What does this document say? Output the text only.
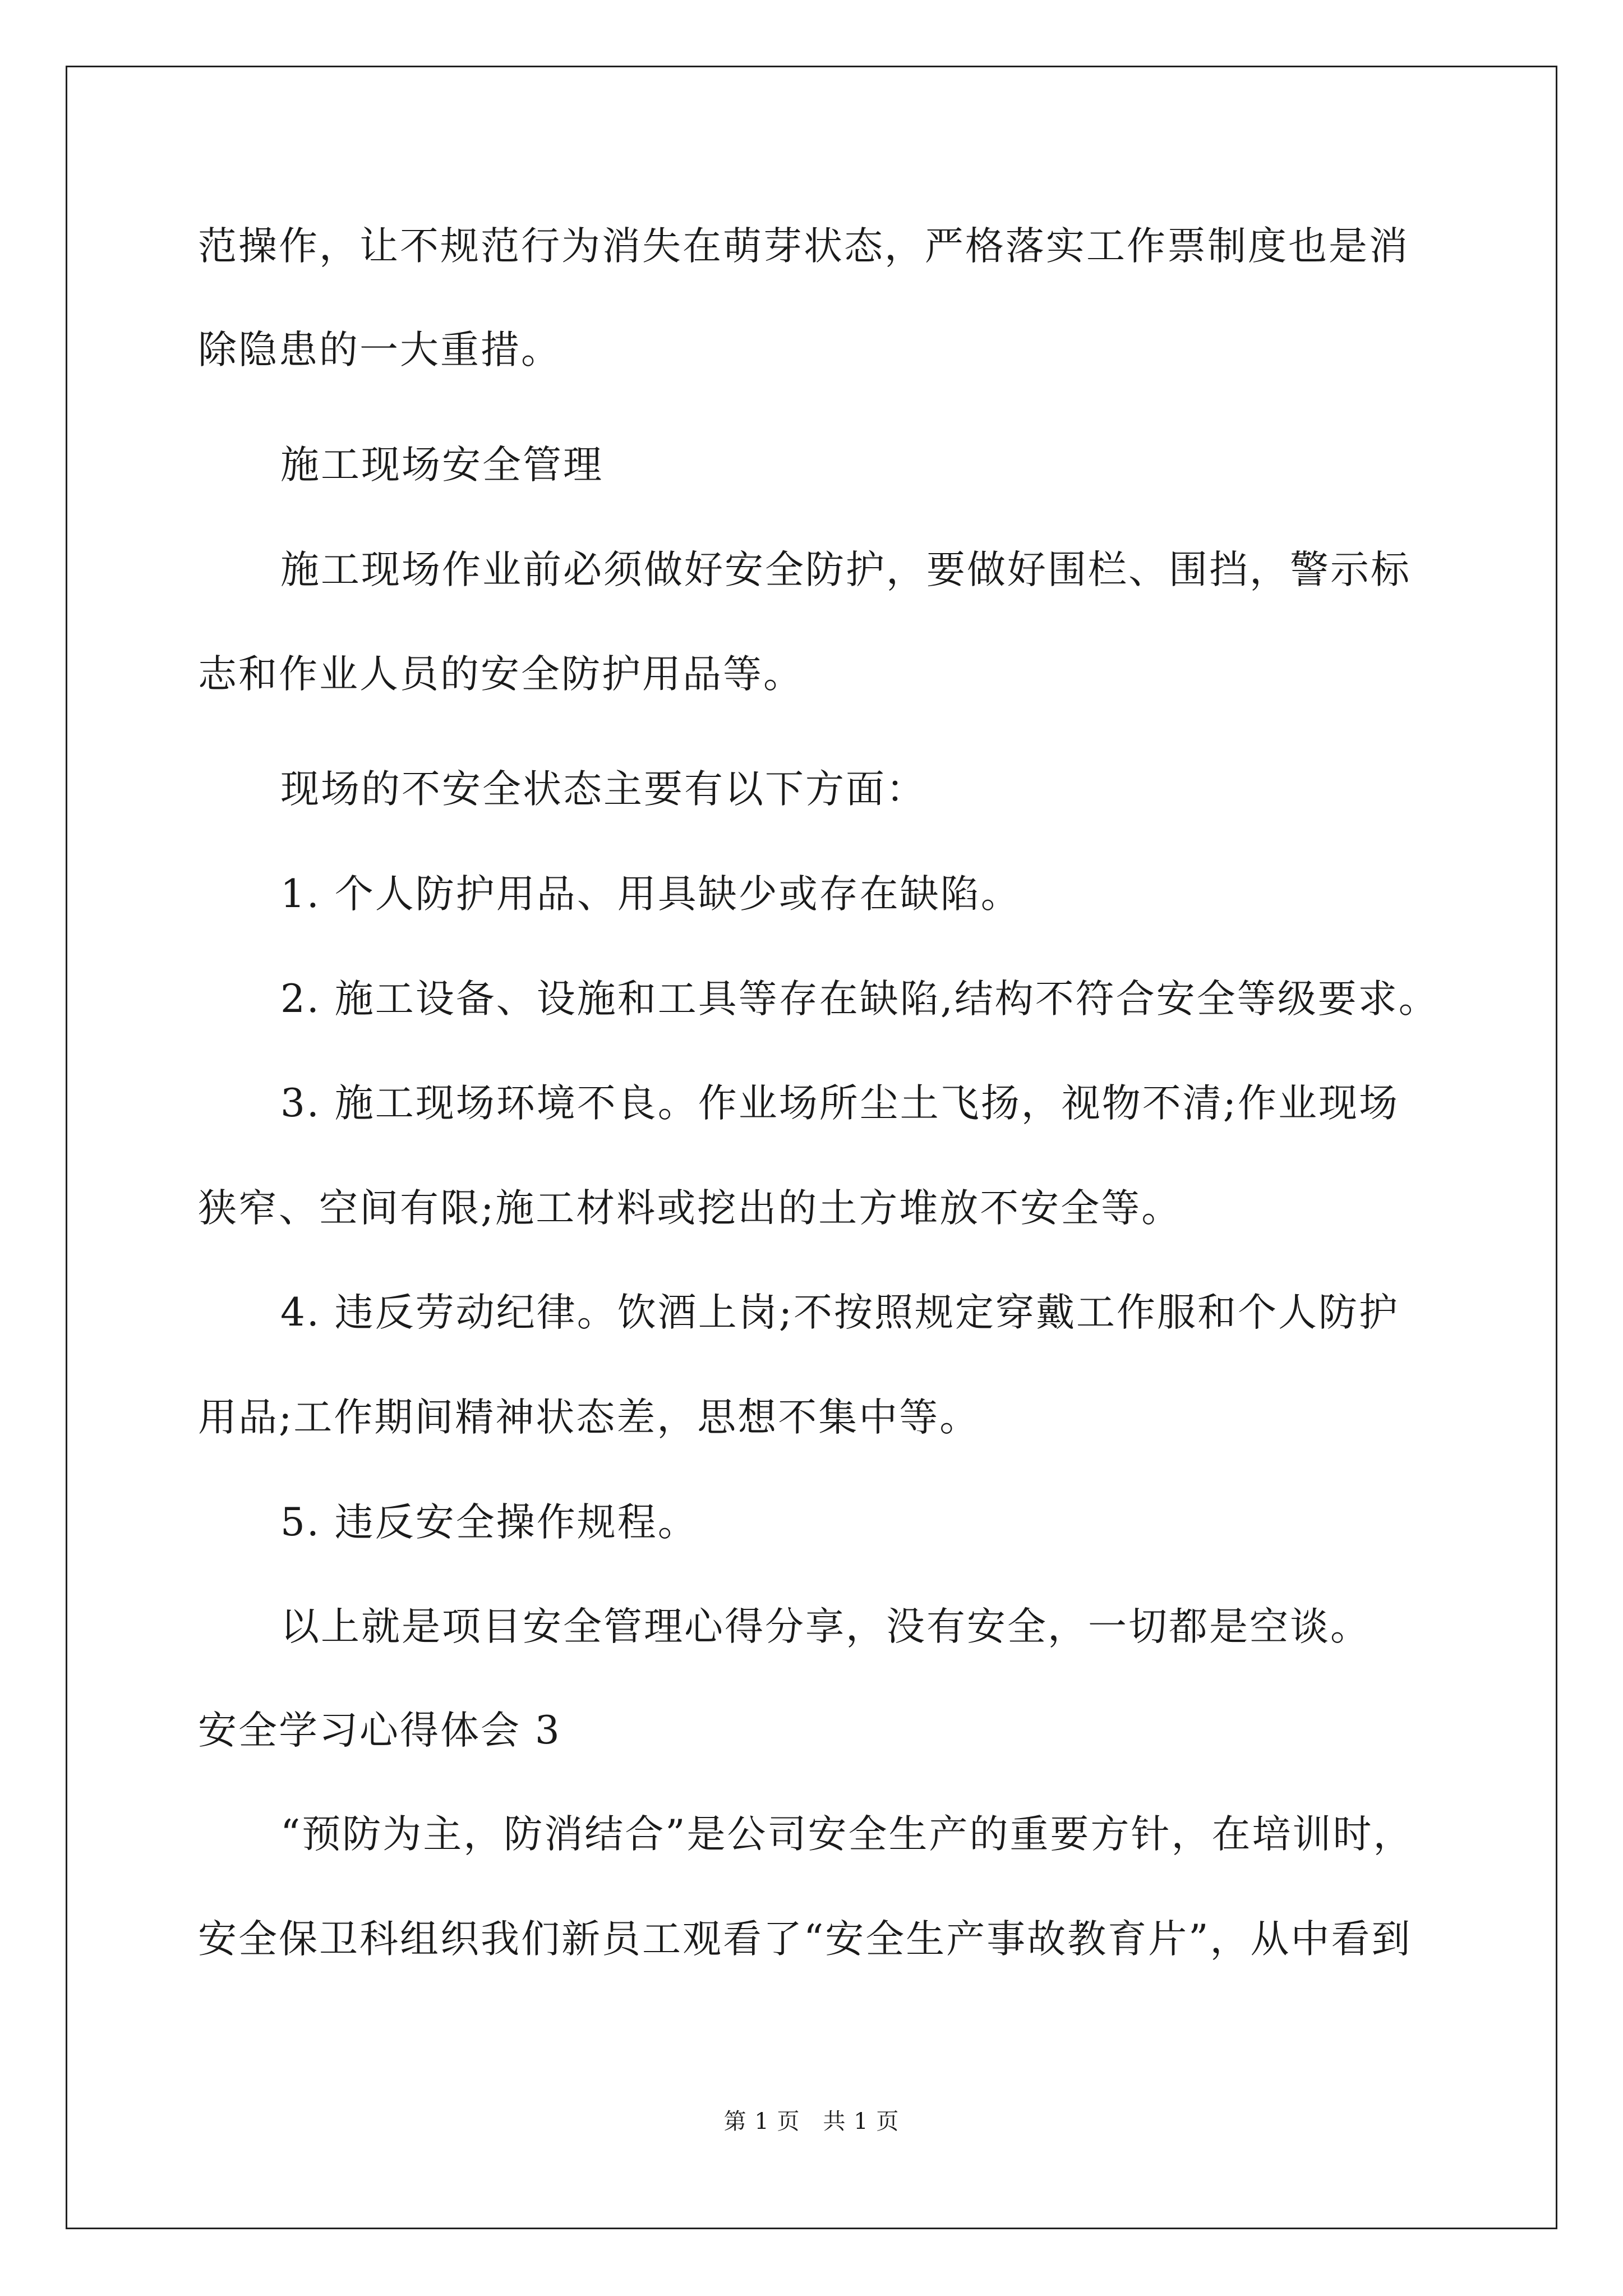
范操作，让不规范行为消失在萌芽状态，严格落实工作票制度也是消
除隐患的一大重措。
施工现场安全管理
施工现场作业前必须做好安全防护，要做好围栏、围挡，警示标
志和作业人员的安全防护用品等。
现场的不安全状态主要有以下方面：
1. 个人防护用品、用具缺少或存在缺陷。
2. 施工设备、设施和工具等存在缺陷,结构不符合安全等级要求。
3. 施工现场环境不良。作业场所尘土飞扬，视物不清;作业现场
狭窄、空间有限;施工材料或挖出的土方堆放不安全等。
4. 违反劳动纪律。饮酒上岗;不按照规定穿戴工作服和个人防护
用品;工作期间精神状态差，思想不集中等。
5. 违反安全操作规程。
以上就是项目安全管理心得分享，没有安全，一切都是空谈。
安全学习心得体会 3
“预防为主，防消结合”是公司安全生产的重要方针，在培训时，
安全保卫科组织我们新员工观看了“安全生产事故教育片”，从中看到
第 1 页　共 1 页
